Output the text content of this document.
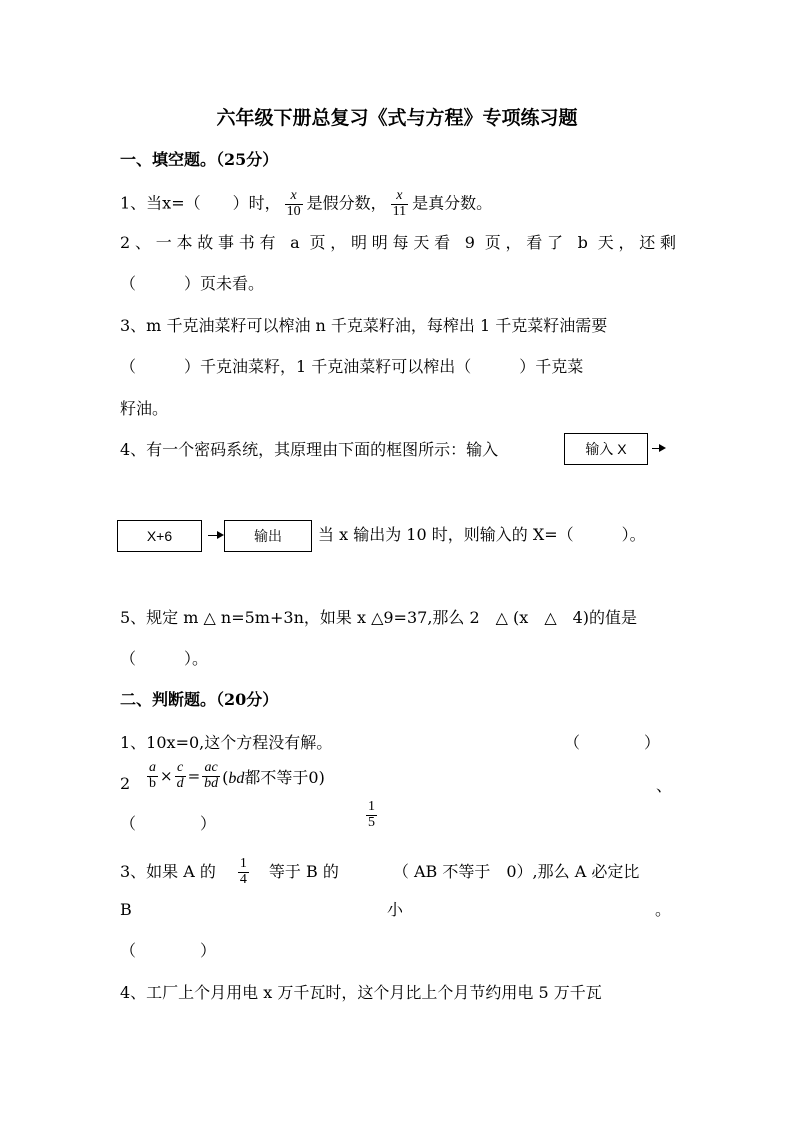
六年级下册总复习《式与方程》专项练习题
一、填空题。（25分）
1、当x=（　　）时， $\frac{x}{10}$ 是假分数， $\frac{x}{11}$ 是真分数。
2、一本故事书有 a 页，明明每天看 9 页，看了 b 天，还剩
（　　　）页未看。
3、m 千克油菜籽可以榨油 n 千克菜籽油，每榨出 1 千克菜籽油需要
（　　　）千克油菜籽，1 千克油菜籽可以榨出（　　　）千克菜
籽油。
4、有一个密码系统，其原理由下面的框图所示：输入	输入 X
X+6	输出	当 x 输出为 10 时，则输入的 X=（　　　）。
5、规定 m △ n=5m+3n，如果 x △9=37,那么 2　△ (x　△　4)的值是
（　　　）。
二、判断题。（20分）
1、10x=0,这个方程没有解。	（　　　　）
$2 \frac{a}{b} \times \frac{c}{d} = \frac{ac}{bd} (bd$都不等于0)	、
（　　　　）	$\frac{1}{5}$
3、如果 A 的 $\frac{1}{4}$ 等于 B 的	（ AB 不等于　0）,那么 A 必定比
B	小	。
（　　　　）
4、工厂上个月用电 x 万千瓦时，这个月比上个月节约用电 5 万千瓦
